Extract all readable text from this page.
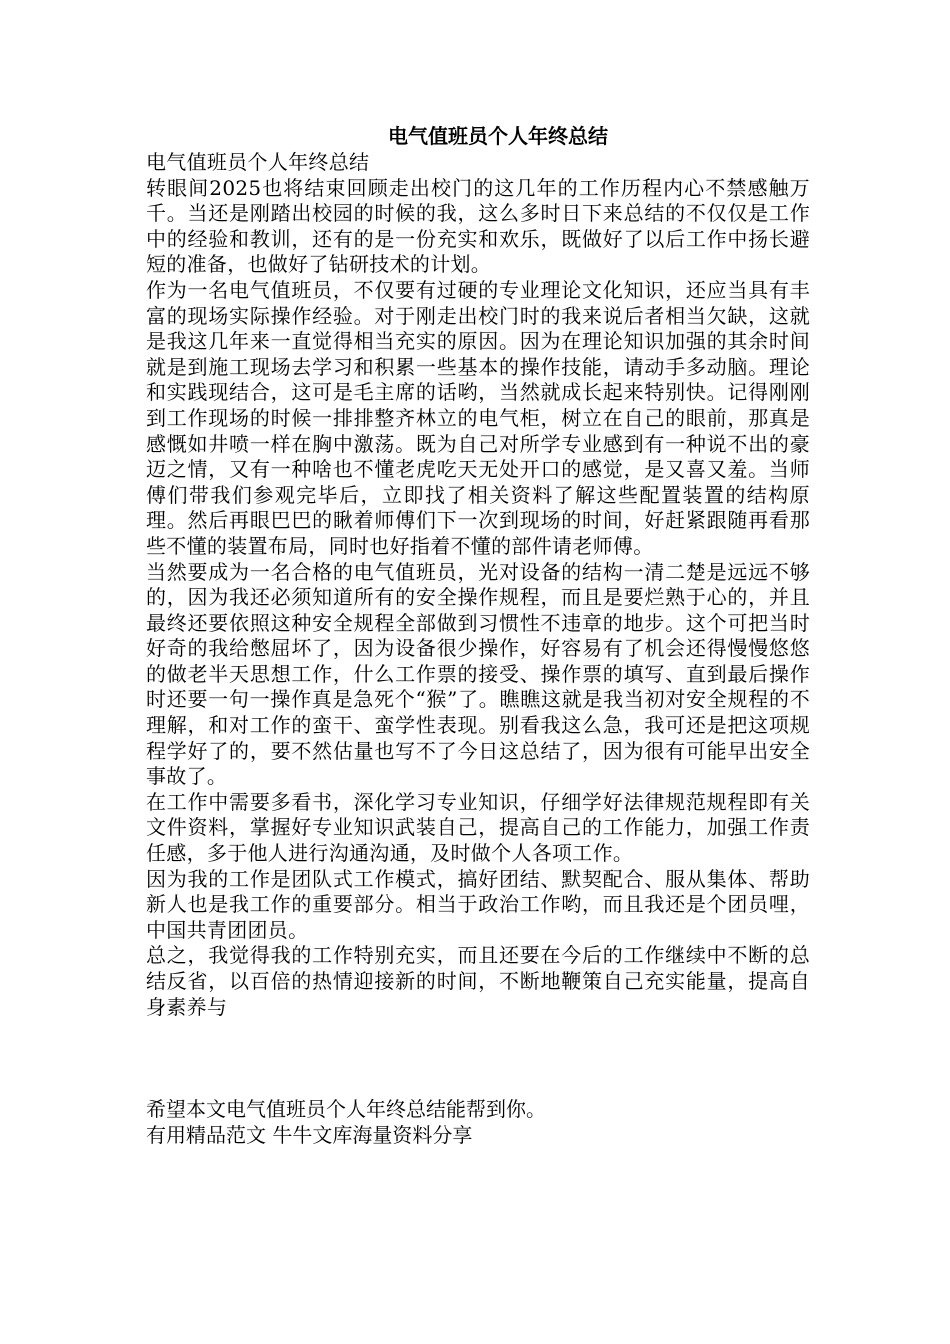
电气值班员个人年终总结

电气值班员个人年终总结

转眼间2025也将结束回顾走出校门的这几年的工作历程内心不禁感触万千。当还是刚踏出校园的时候的我，这么多时日下来总结的不仅仅是工作中的经验和教训，还有的是一份充实和欢乐，既做好了以后工作中扬长避短的准备，也做好了钻研技术的计划。

作为一名电气值班员，不仅要有过硬的专业理论文化知识，还应当具有丰富的现场实际操作经验。对于刚走出校门时的我来说后者相当欠缺，这就是我这几年来一直觉得相当充实的原因。因为在理论知识加强的其余时间就是到施工现场去学习和积累一些基本的操作技能，请动手多动脑。理论和实践现结合，这可是毛主席的话哟，当然就成长起来特别快。记得刚刚到工作现场的时候一排排整齐林立的电气柜，树立在自己的眼前，那真是感慨如井喷一样在胸中激荡。既为自己对所学专业感到有一种说不出的豪迈之情，又有一种啥也不懂老虎吃天无处开口的感觉，是又喜又羞。当师傅们带我们参观完毕后，立即找了相关资料了解这些配置装置的结构原理。然后再眼巴巴的瞅着师傅们下一次到现场的时间，好赶紧跟随再看那些不懂的装置布局，同时也好指着不懂的部件请老师傅。

当然要成为一名合格的电气值班员，光对设备的结构一清二楚是远远不够的，因为我还必须知道所有的安全操作规程，而且是要烂熟于心的，并且最终还要依照这种安全规程全部做到习惯性不违章的地步。这个可把当时好奇的我给憋屈坏了，因为设备很少操作，好容易有了机会还得慢慢悠悠的做老半天思想工作，什么工作票的接受、操作票的填写、直到最后操作时还要一句一操作真是急死个“猴”了。瞧瞧这就是我当初对安全规程的不理解，和对工作的蛮干、蛮学性表现。别看我这么急，我可还是把这项规程学好了的，要不然估量也写不了今日这总结了，因为很有可能早出安全事故了。

在工作中需要多看书，深化学习专业知识，仔细学好法律规范规程即有关文件资料，掌握好专业知识武装自己，提高自己的工作能力，加强工作责任感，多于他人进行沟通沟通，及时做个人各项工作。

因为我的工作是团队式工作模式，搞好团结、默契配合、服从集体、帮助新人也是我工作的重要部分。相当于政治工作哟，而且我还是个团员哩，中国共青团团员。

总之，我觉得我的工作特别充实，而且还要在今后的工作继续中不断的总结反省，以百倍的热情迎接新的时间，不断地鞭策自己充实能量，提高自身素养与

希望本文电气值班员个人年终总结能帮到你。

有用精品范文 牛牛文库海量资料分享
